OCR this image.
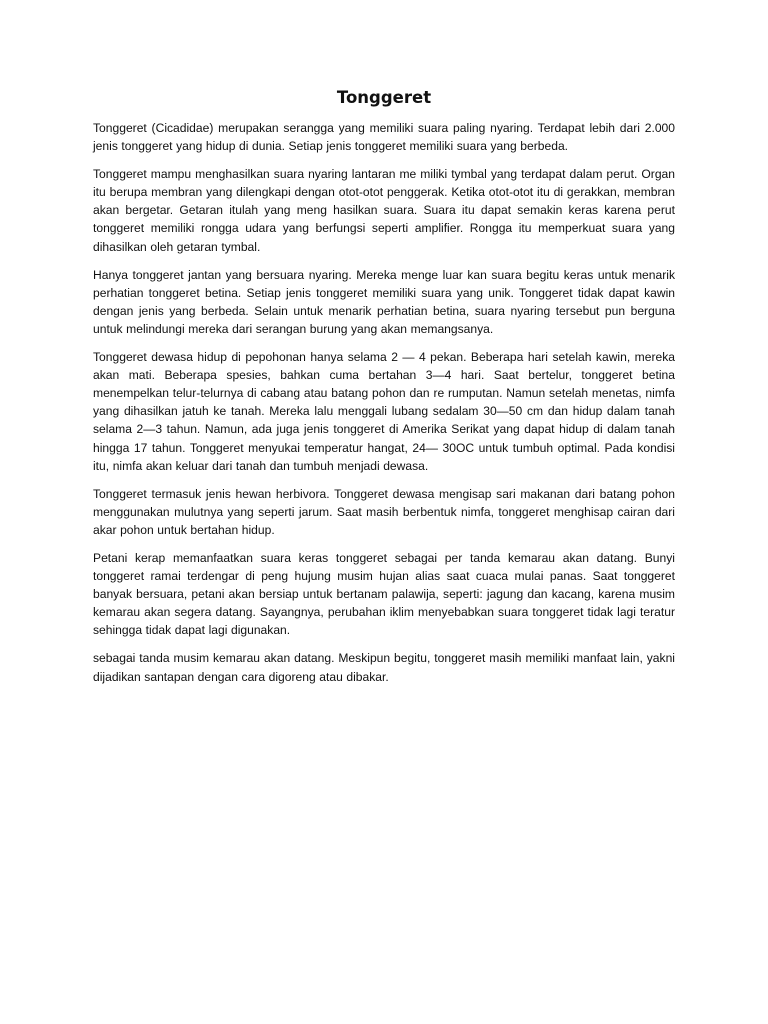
Tonggeret

Tonggeret (Cicadidae) merupakan serangga yang memiliki suara paling nyaring. Terdapat lebih dari 2.000 jenis tonggeret yang hidup di dunia. Setiap jenis tonggeret memiliki suara yang berbeda.

Tonggeret mampu menghasilkan suara nyaring lantaran me miliki tymbal yang terdapat dalam perut. Organ itu berupa membran yang dilengkapi dengan otot-otot penggerak. Ketika otot-otot itu di gerakkan, membran akan bergetar. Getaran itulah yang meng hasilkan suara. Suara itu dapat semakin keras karena perut tonggeret memiliki rongga udara yang berfungsi seperti amplifier. Rongga itu memperkuat suara yang dihasilkan oleh getaran tymbal.

Hanya tonggeret jantan yang bersuara nyaring. Mereka menge luar kan suara begitu keras untuk menarik perhatian tonggeret betina. Setiap jenis tonggeret memiliki suara yang unik. Tonggeret tidak dapat kawin dengan jenis yang berbeda. Selain untuk menarik perhatian betina, suara nyaring tersebut pun berguna untuk melindungi mereka dari serangan burung yang akan memangsanya.

Tonggeret dewasa hidup di pepohonan hanya selama 2 — 4 pekan. Beberapa hari setelah kawin, mereka akan mati. Beberapa spesies, bahkan cuma bertahan 3—4 hari. Saat bertelur, tonggeret betina menempelkan telur-telurnya di cabang atau batang pohon dan re rumputan. Namun setelah menetas, nimfa yang dihasilkan jatuh ke tanah. Mereka lalu menggali lubang sedalam 30—50 cm dan hidup dalam tanah selama 2—3 tahun. Namun, ada juga jenis tonggeret di Amerika Serikat yang dapat hidup di dalam tanah hingga 17 tahun. Tonggeret menyukai temperatur hangat, 24— 30OC untuk tumbuh optimal. Pada kondisi itu, nimfa akan keluar dari tanah dan tumbuh menjadi dewasa.

Tonggeret termasuk jenis hewan herbivora. Tonggeret dewasa mengisap sari makanan dari batang pohon menggunakan mulutnya yang seperti jarum. Saat masih berbentuk nimfa, tonggeret menghisap cairan dari akar pohon untuk bertahan hidup.

Petani kerap memanfaatkan suara keras tonggeret sebagai per tanda kemarau akan datang. Bunyi tonggeret ramai terdengar di peng hujung musim hujan alias saat cuaca mulai panas. Saat tonggeret banyak bersuara, petani akan bersiap untuk bertanam palawija, seperti: jagung dan kacang, karena musim kemarau akan segera datang. Sayangnya, perubahan iklim menyebabkan suara tonggeret tidak lagi teratur sehingga tidak dapat lagi digunakan.

sebagai tanda musim kemarau akan datang. Meskipun begitu, tonggeret masih memiliki manfaat lain, yakni dijadikan santapan dengan cara digoreng atau dibakar.
